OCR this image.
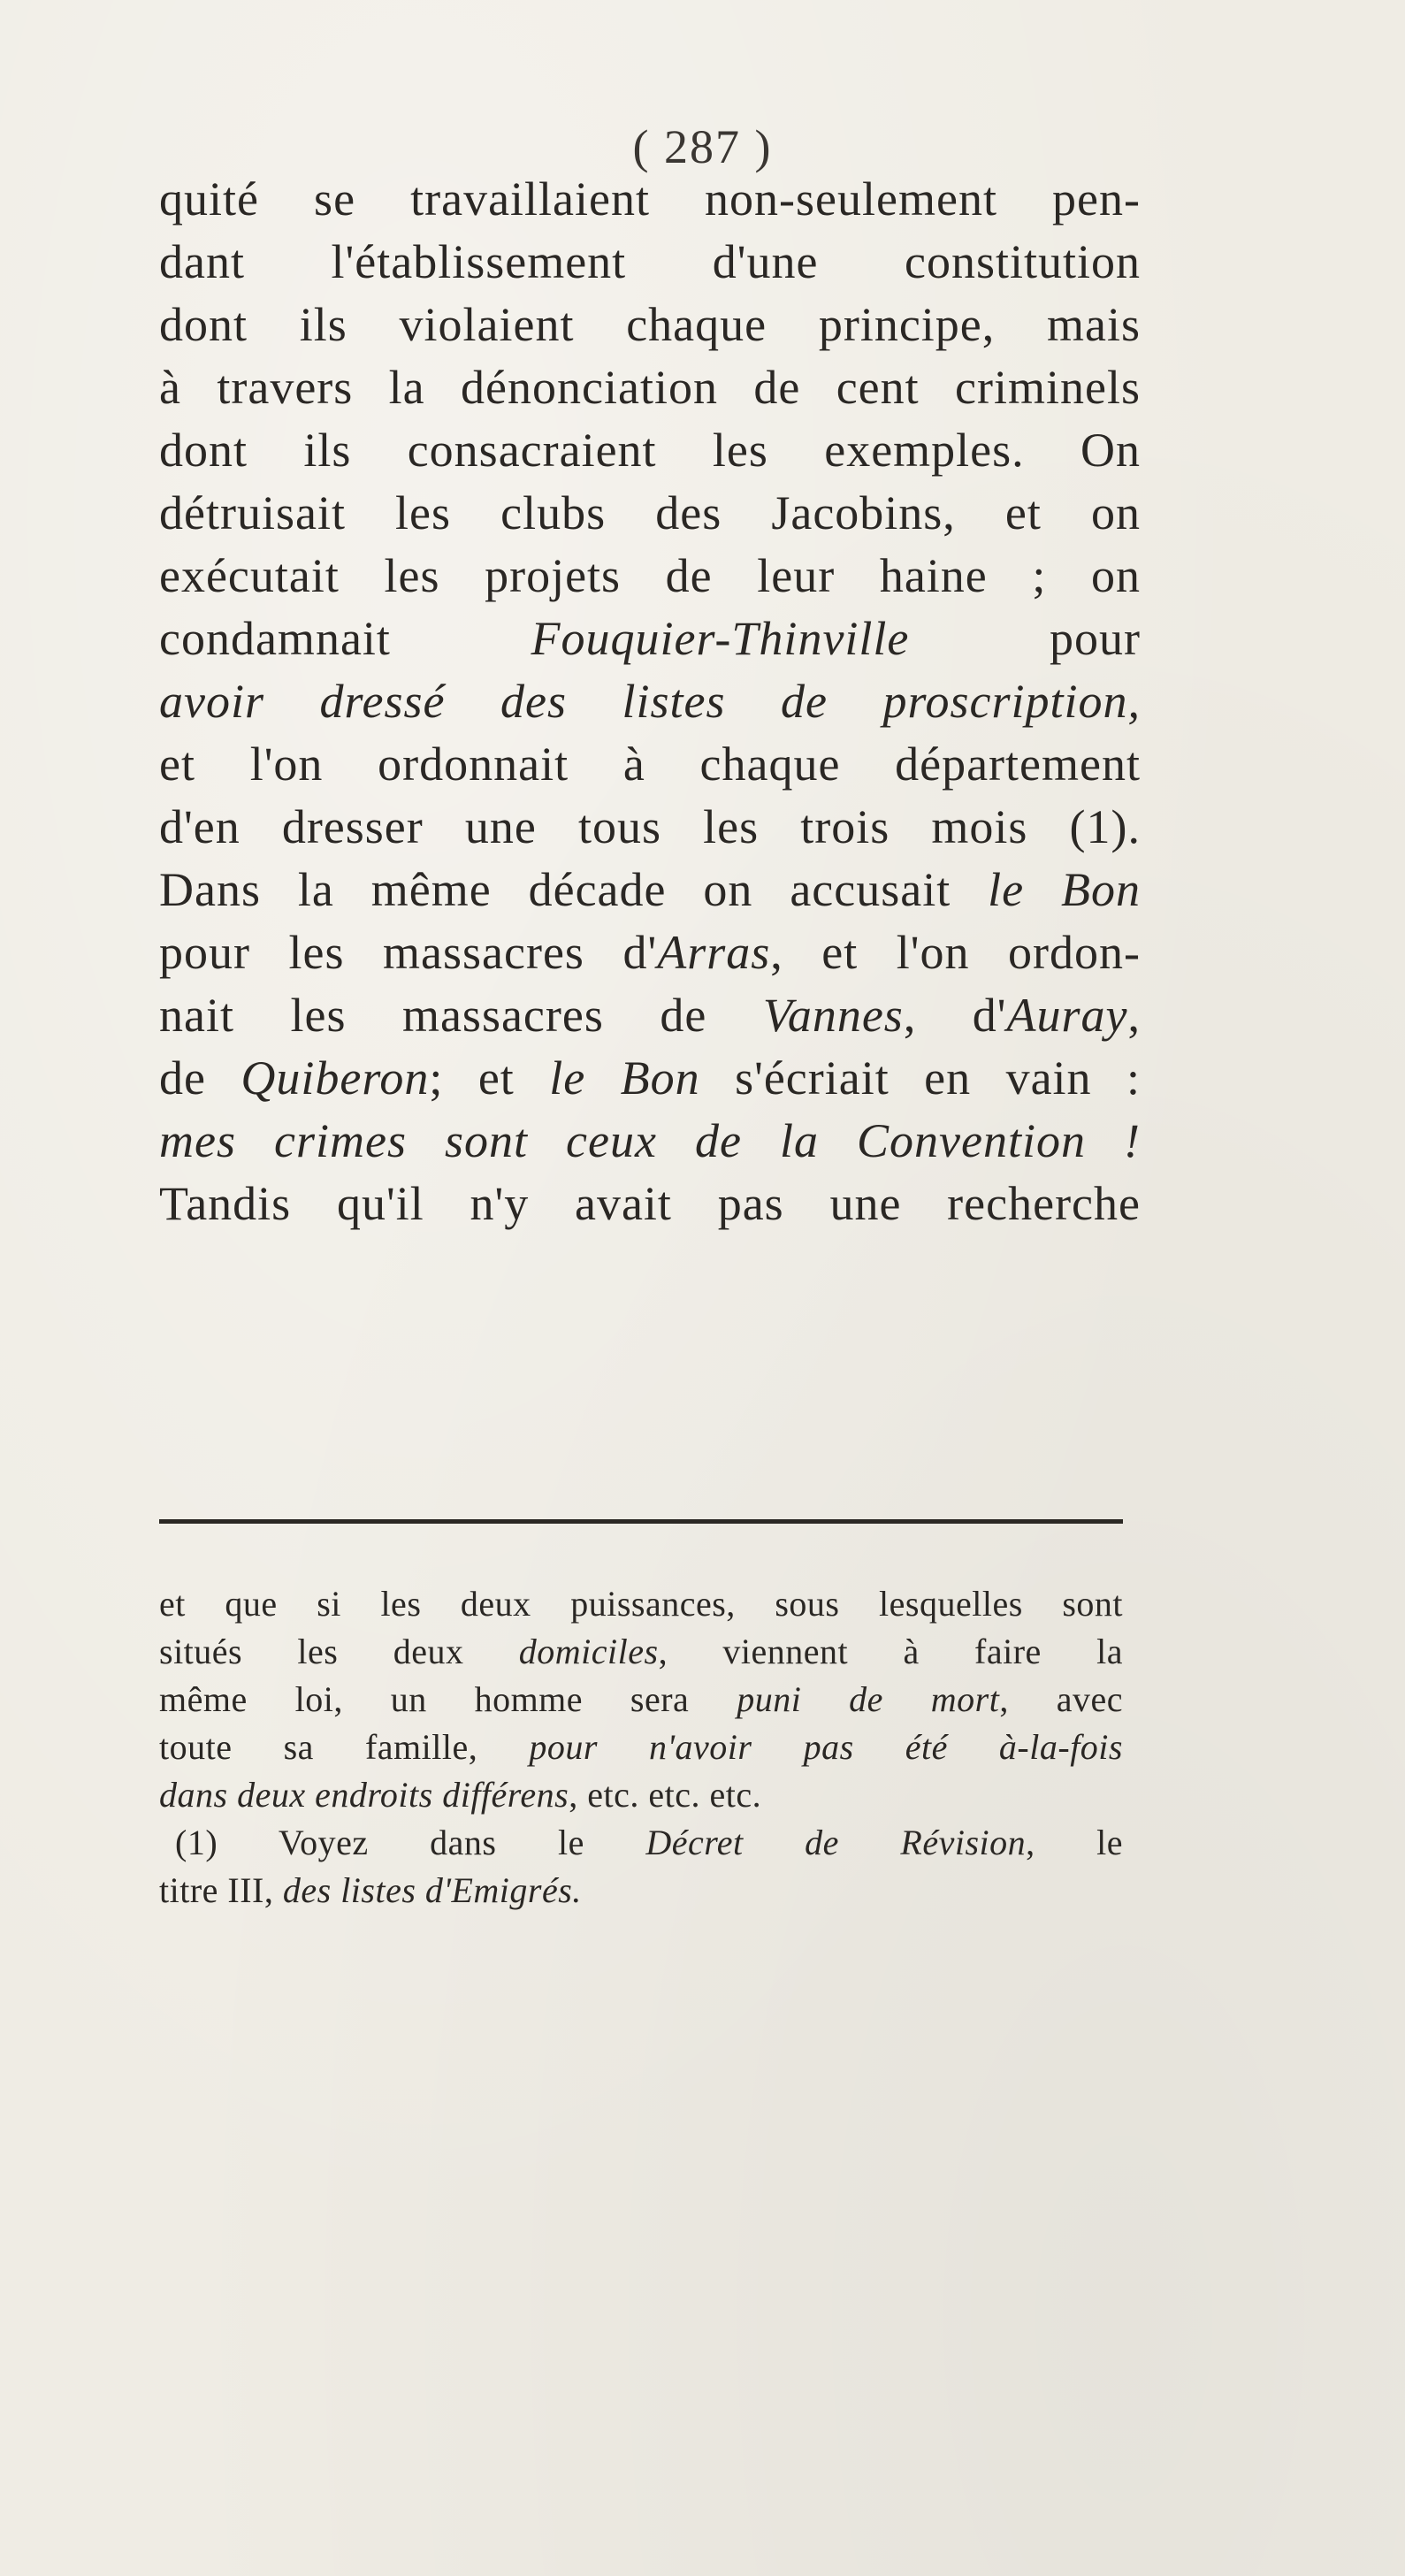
( 287 )
quité se travaillaient non-seulement pen-
dant l'établissement d'une constitution
dont ils violaient chaque principe, mais
à travers la dénonciation de cent criminels
dont ils consacraient les exemples. On
détruisait les clubs des Jacobins, et on
exécutait les projets de leur haine ; on
condamnait Fouquier-Thinville pour
avoir dressé des listes de proscription,
et l'on ordonnait à chaque département
d'en dresser une tous les trois mois (1).
Dans la même décade on accusait le Bon
pour les massacres d'Arras, et l'on ordon-
nait les massacres de Vannes, d'Auray,
de Quiberon; et le Bon s'écriait en vain :
mes crimes sont ceux de la Convention !
Tandis qu'il n'y avait pas une recherche
et que si les deux puissances, sous lesquelles sont
situés les deux domiciles, viennent à faire la
même loi, un homme sera puni de mort, avec
toute sa famille, pour n'avoir pas été à-la-fois
dans deux endroits différens, etc. etc. etc.
(1) Voyez dans le Décret de Révision, le
titre III, des listes d'Emigrés.
